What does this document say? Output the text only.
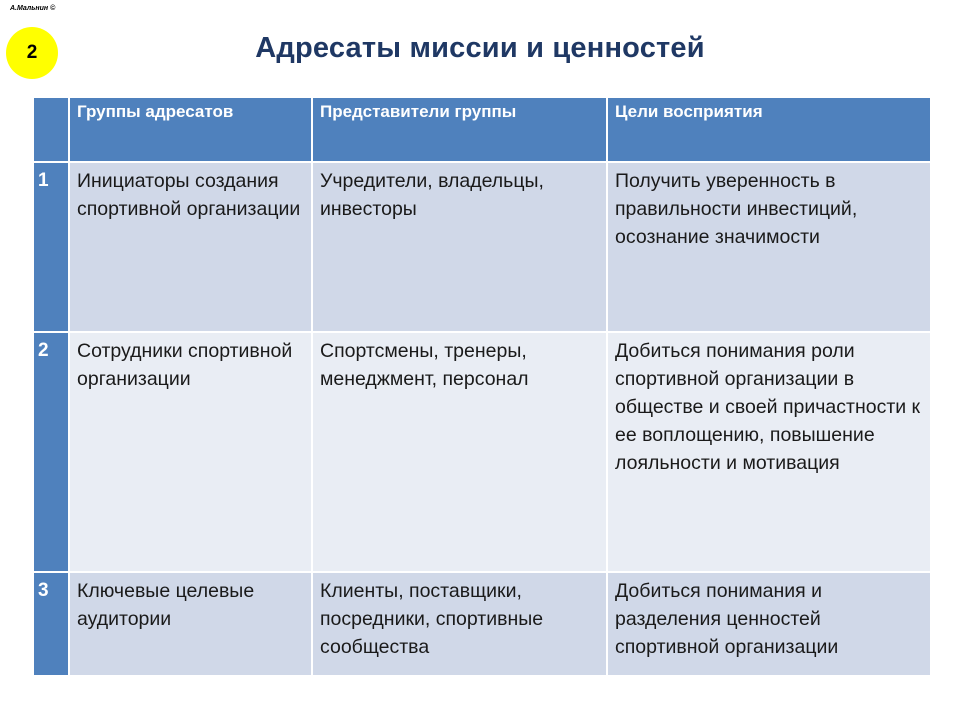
А.Мальнин ©
2	Адресаты миссии и ценностей
	Группы адресатов	Представители группы	Цели восприятия
1	Инициаторы создания спортивной организации	Учредители, владельцы, инвесторы	Получить уверенность в правильности инвестиций, осознание значимости
2	Сотрудники спортивной организации	Спортсмены, тренеры, менеджмент, персонал	Добиться понимания роли спортивной организации в обществе и своей причастности к ее воплощению, повышение лояльности и мотивация
3	Ключевые целевые аудитории	Клиенты, поставщики, посредники, спортивные сообщества	Добиться понимания и разделения ценностей спортивной организации
